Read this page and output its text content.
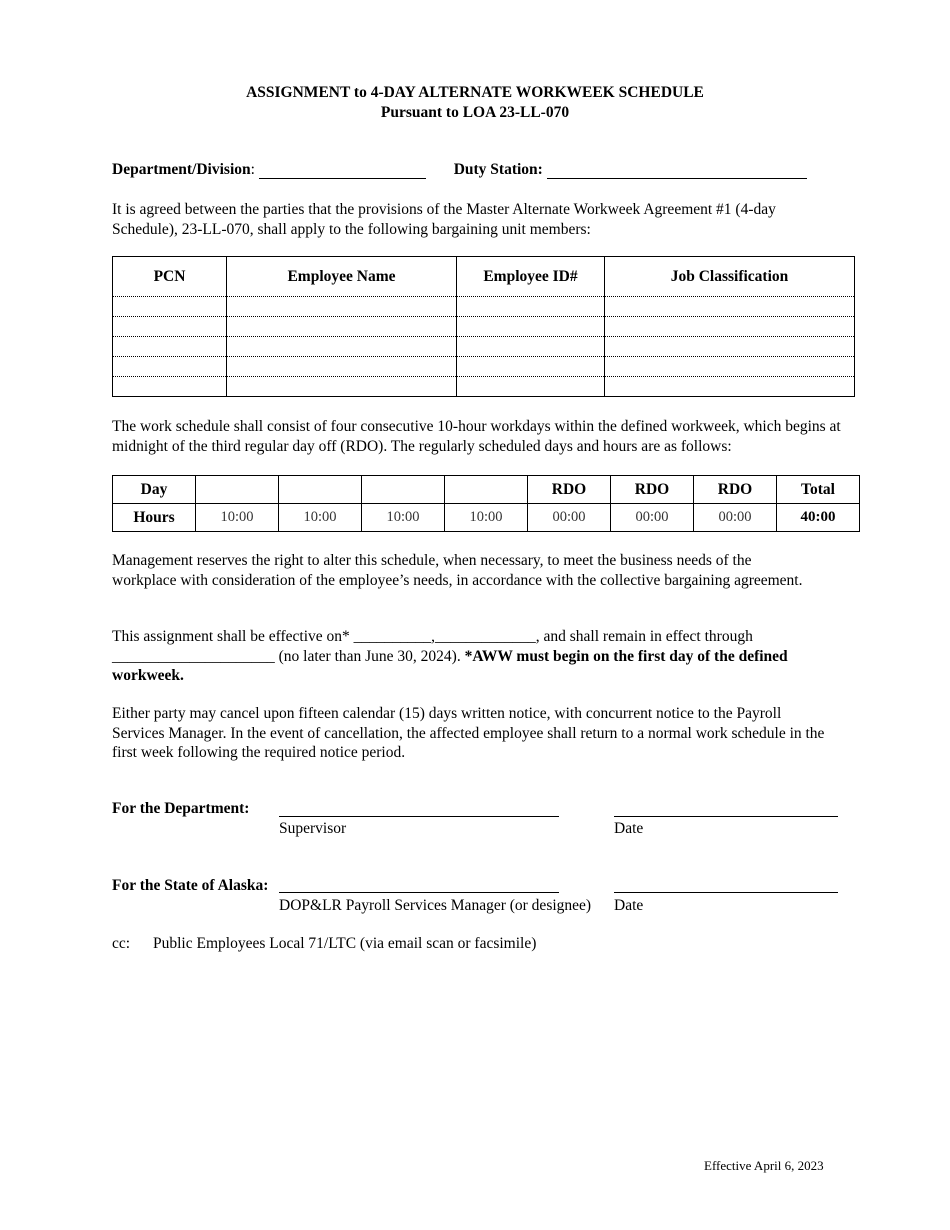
ASSIGNMENT to 4-DAY ALTERNATE WORKWEEK SCHEDULE
Pursuant to LOA 23-LL-070
Department/Division:	Duty Station:
It is agreed between the parties that the provisions of the Master Alternate Workweek Agreement #1 (4-day Schedule), 23-LL-070, shall apply to the following bargaining unit members:
PCN	Employee Name	Employee ID#	Job Classification

The work schedule shall consist of four consecutive 10-hour workdays within the defined workweek, which begins at midnight of the third regular day off (RDO). The regularly scheduled days and hours are as follows:
Day					RDO	RDO	RDO	Total
Hours	10:00	10:00	10:00	10:00	00:00	00:00	00:00	40:00
Management reserves the right to alter this schedule, when necessary, to meet the business needs of the workplace with consideration of the employee’s needs, in accordance with the collective bargaining agreement.
This assignment shall be effective on* __________,_____________, and shall remain in effect through
_____________________ (no later than June 30, 2024). *AWW must begin on the first day of the defined
workweek.
Either party may cancel upon fifteen calendar (15) days written notice, with concurrent notice to the Payroll Services Manager. In the event of cancellation, the affected employee shall return to a normal work schedule in the first week following the required notice period.
For the Department:
Supervisor	Date
For the State of Alaska:
DOP&LR Payroll Services Manager (or designee) Date
cc: Public Employees Local 71/LTC (via email scan or facsimile)
Effective April 6, 2023
